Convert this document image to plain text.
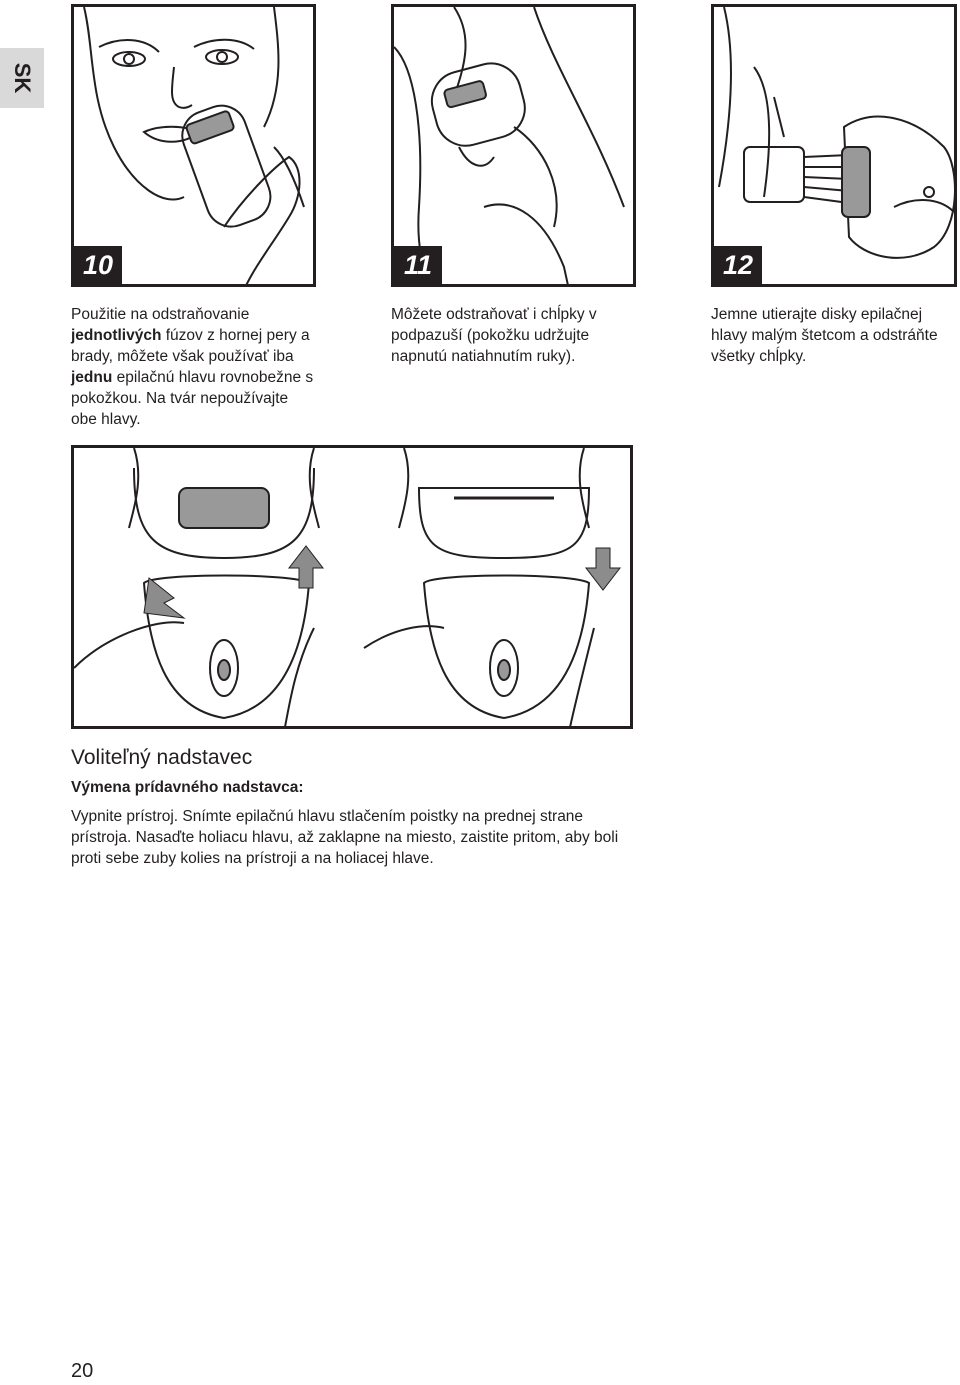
SK
10	11	12
Použitie na odstraňovanie
jednotlivých fúzov z hornej pery a brady, môžete však používať iba jednu epilačnú hlavu rovnobežne s pokožkou. Na tvár nepoužívajte obe hlavy.
Môžete odstraňovať i chĺpky v podpazuší (pokožku udržujte napnutú natiahnutím ruky).
Jemne utierajte disky epilačnej hlavy malým štetcom a odstráňte všetky chĺpky.
Voliteľný nadstavec
Výmena prídavného nadstavca:
Vypnite prístroj. Snímte epilačnú hlavu stlačením poistky na prednej strane prístroja. Nasaďte holiacu hlavu, až zaklapne na miesto, zaistite pritom, aby boli proti sebe zuby kolies na prístroji a na holiacej hlave.
20
